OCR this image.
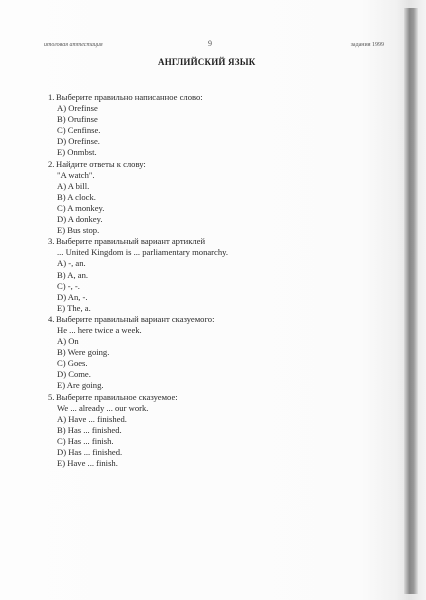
итоговая аттестация	9	задания 1999
АНГЛИЙСКИЙ ЯЗЫК
1. Выберите правильно написанное слово:
A) Orefinse
B) Orufinse
C) Cenfinse.
D) Orefinse.
E) Onmbst.
2. Найдите ответы к слову:
"A watch".
A) A bill.
B) A clock.
C) A monkey.
D) A donkey.
E) Bus stop.
3. Выберите правильный вариант артиклей
... United Kingdom is ... parliamentary monarchy.
A) -, an.
B) A, an.
C) -, -.
D) An, -.
E) The, a.
4. Выберите правильный вариант сказуемого:
He ... here twice a week.
A) On
B) Were going.
C) Goes.
D) Come.
E) Are going.
5. Выберите правильное сказуемое:
We ... already ... our work.
A) Have ... finished.
B) Has ... finished.
C) Has ... finish.
D) Has ... finished.
E) Have ... finish.
